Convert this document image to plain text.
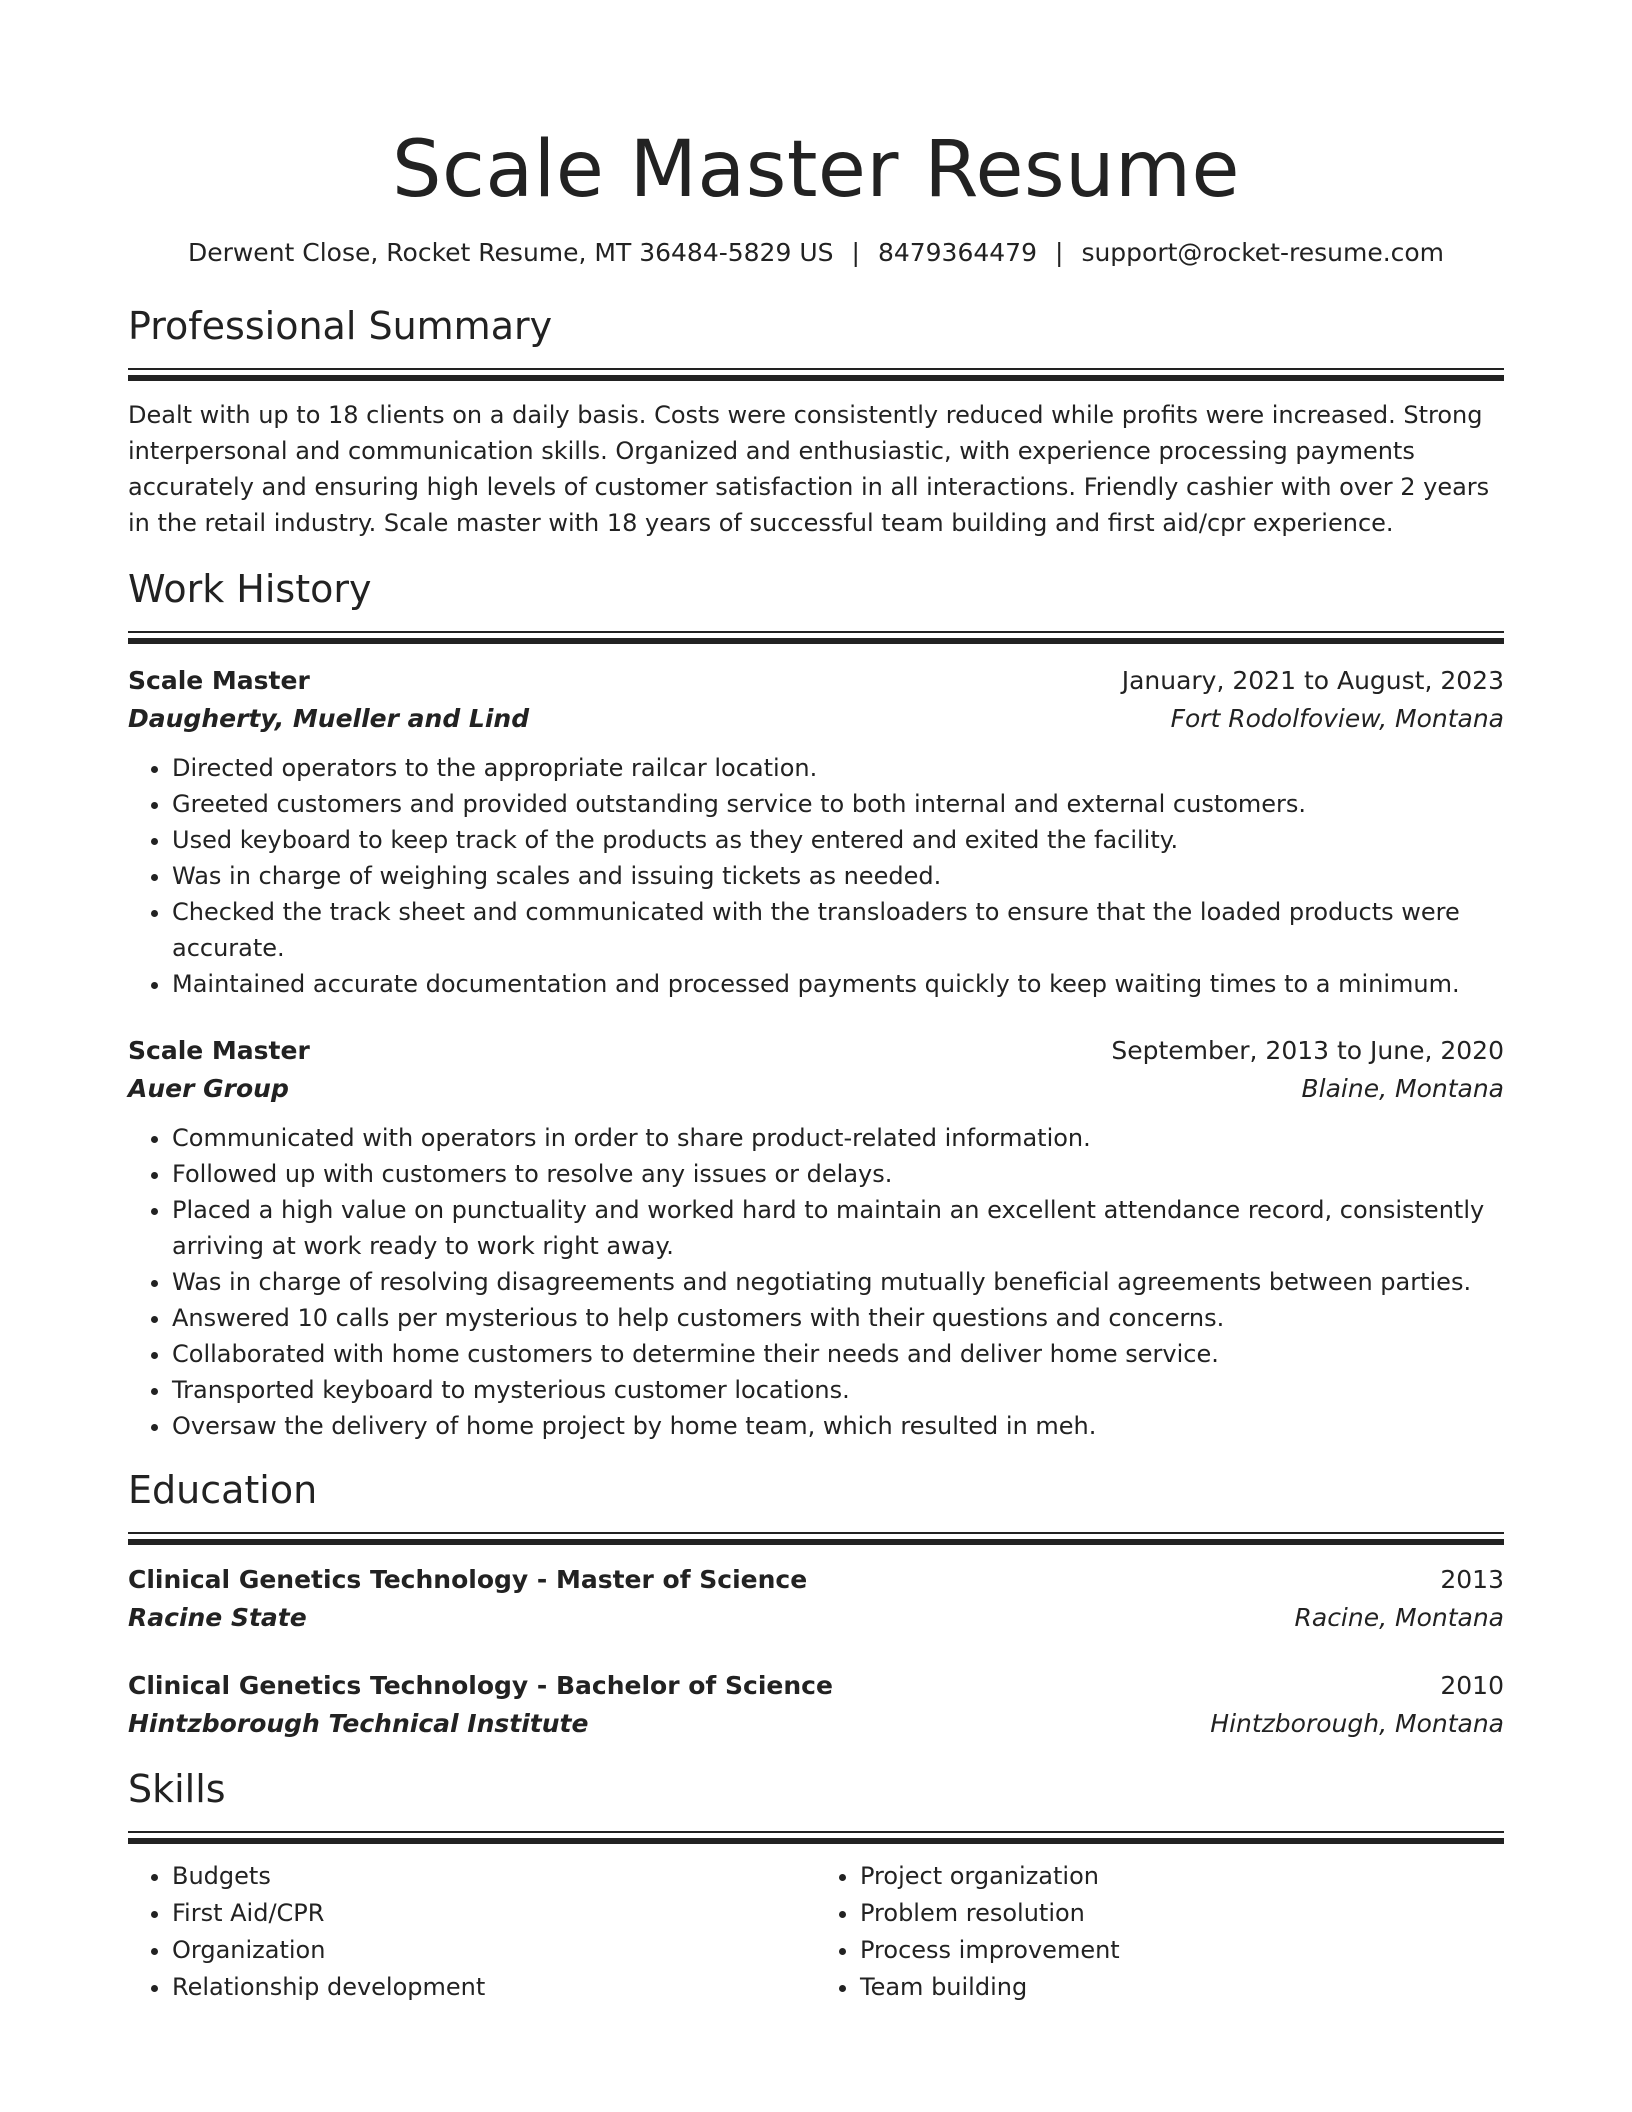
Scale Master Resume
Derwent Close, Rocket Resume, MT 36484-5829 US | 8479364479 | support@rocket-resume.com
Professional Summary

Dealt with up to 18 clients on a daily basis. Costs were consistently reduced while profits were increased. Strong interpersonal and communication skills. Organized and enthusiastic, with experience processing payments accurately and ensuring high levels of customer satisfaction in all interactions. Friendly cashier with over 2 years in the retail industry. Scale master with 18 years of successful team building and first aid/cpr experience.

Work History
Scale Master	January, 2021 to August, 2023
Daugherty, Mueller and Lind	Fort Rodolfoview, Montana
• Directed operators to the appropriate railcar location.
• Greeted customers and provided outstanding service to both internal and external customers.
• Used keyboard to keep track of the products as they entered and exited the facility.
• Was in charge of weighing scales and issuing tickets as needed.
• Checked the track sheet and communicated with the transloaders to ensure that the loaded products were accurate.
• Maintained accurate documentation and processed payments quickly to keep waiting times to a minimum.
Scale Master	September, 2013 to June, 2020
Auer Group	Blaine, Montana
• Communicated with operators in order to share product-related information.
• Followed up with customers to resolve any issues or delays.
• Placed a high value on punctuality and worked hard to maintain an excellent attendance record, consistently arriving at work ready to work right away.
• Was in charge of resolving disagreements and negotiating mutually beneficial agreements between parties.
• Answered 10 calls per mysterious to help customers with their questions and concerns.
• Collaborated with home customers to determine their needs and deliver home service.
• Transported keyboard to mysterious customer locations.
• Oversaw the delivery of home project by home team, which resulted in meh.
Education
Clinical Genetics Technology - Master of Science	2013
Racine State	Racine, Montana
Clinical Genetics Technology - Bachelor of Science	2010
Hintzborough Technical Institute	Hintzborough, Montana
Skills
• Budgets
• First Aid/CPR
• Organization
• Relationship development
• Project organization
• Problem resolution
• Process improvement
• Team building
